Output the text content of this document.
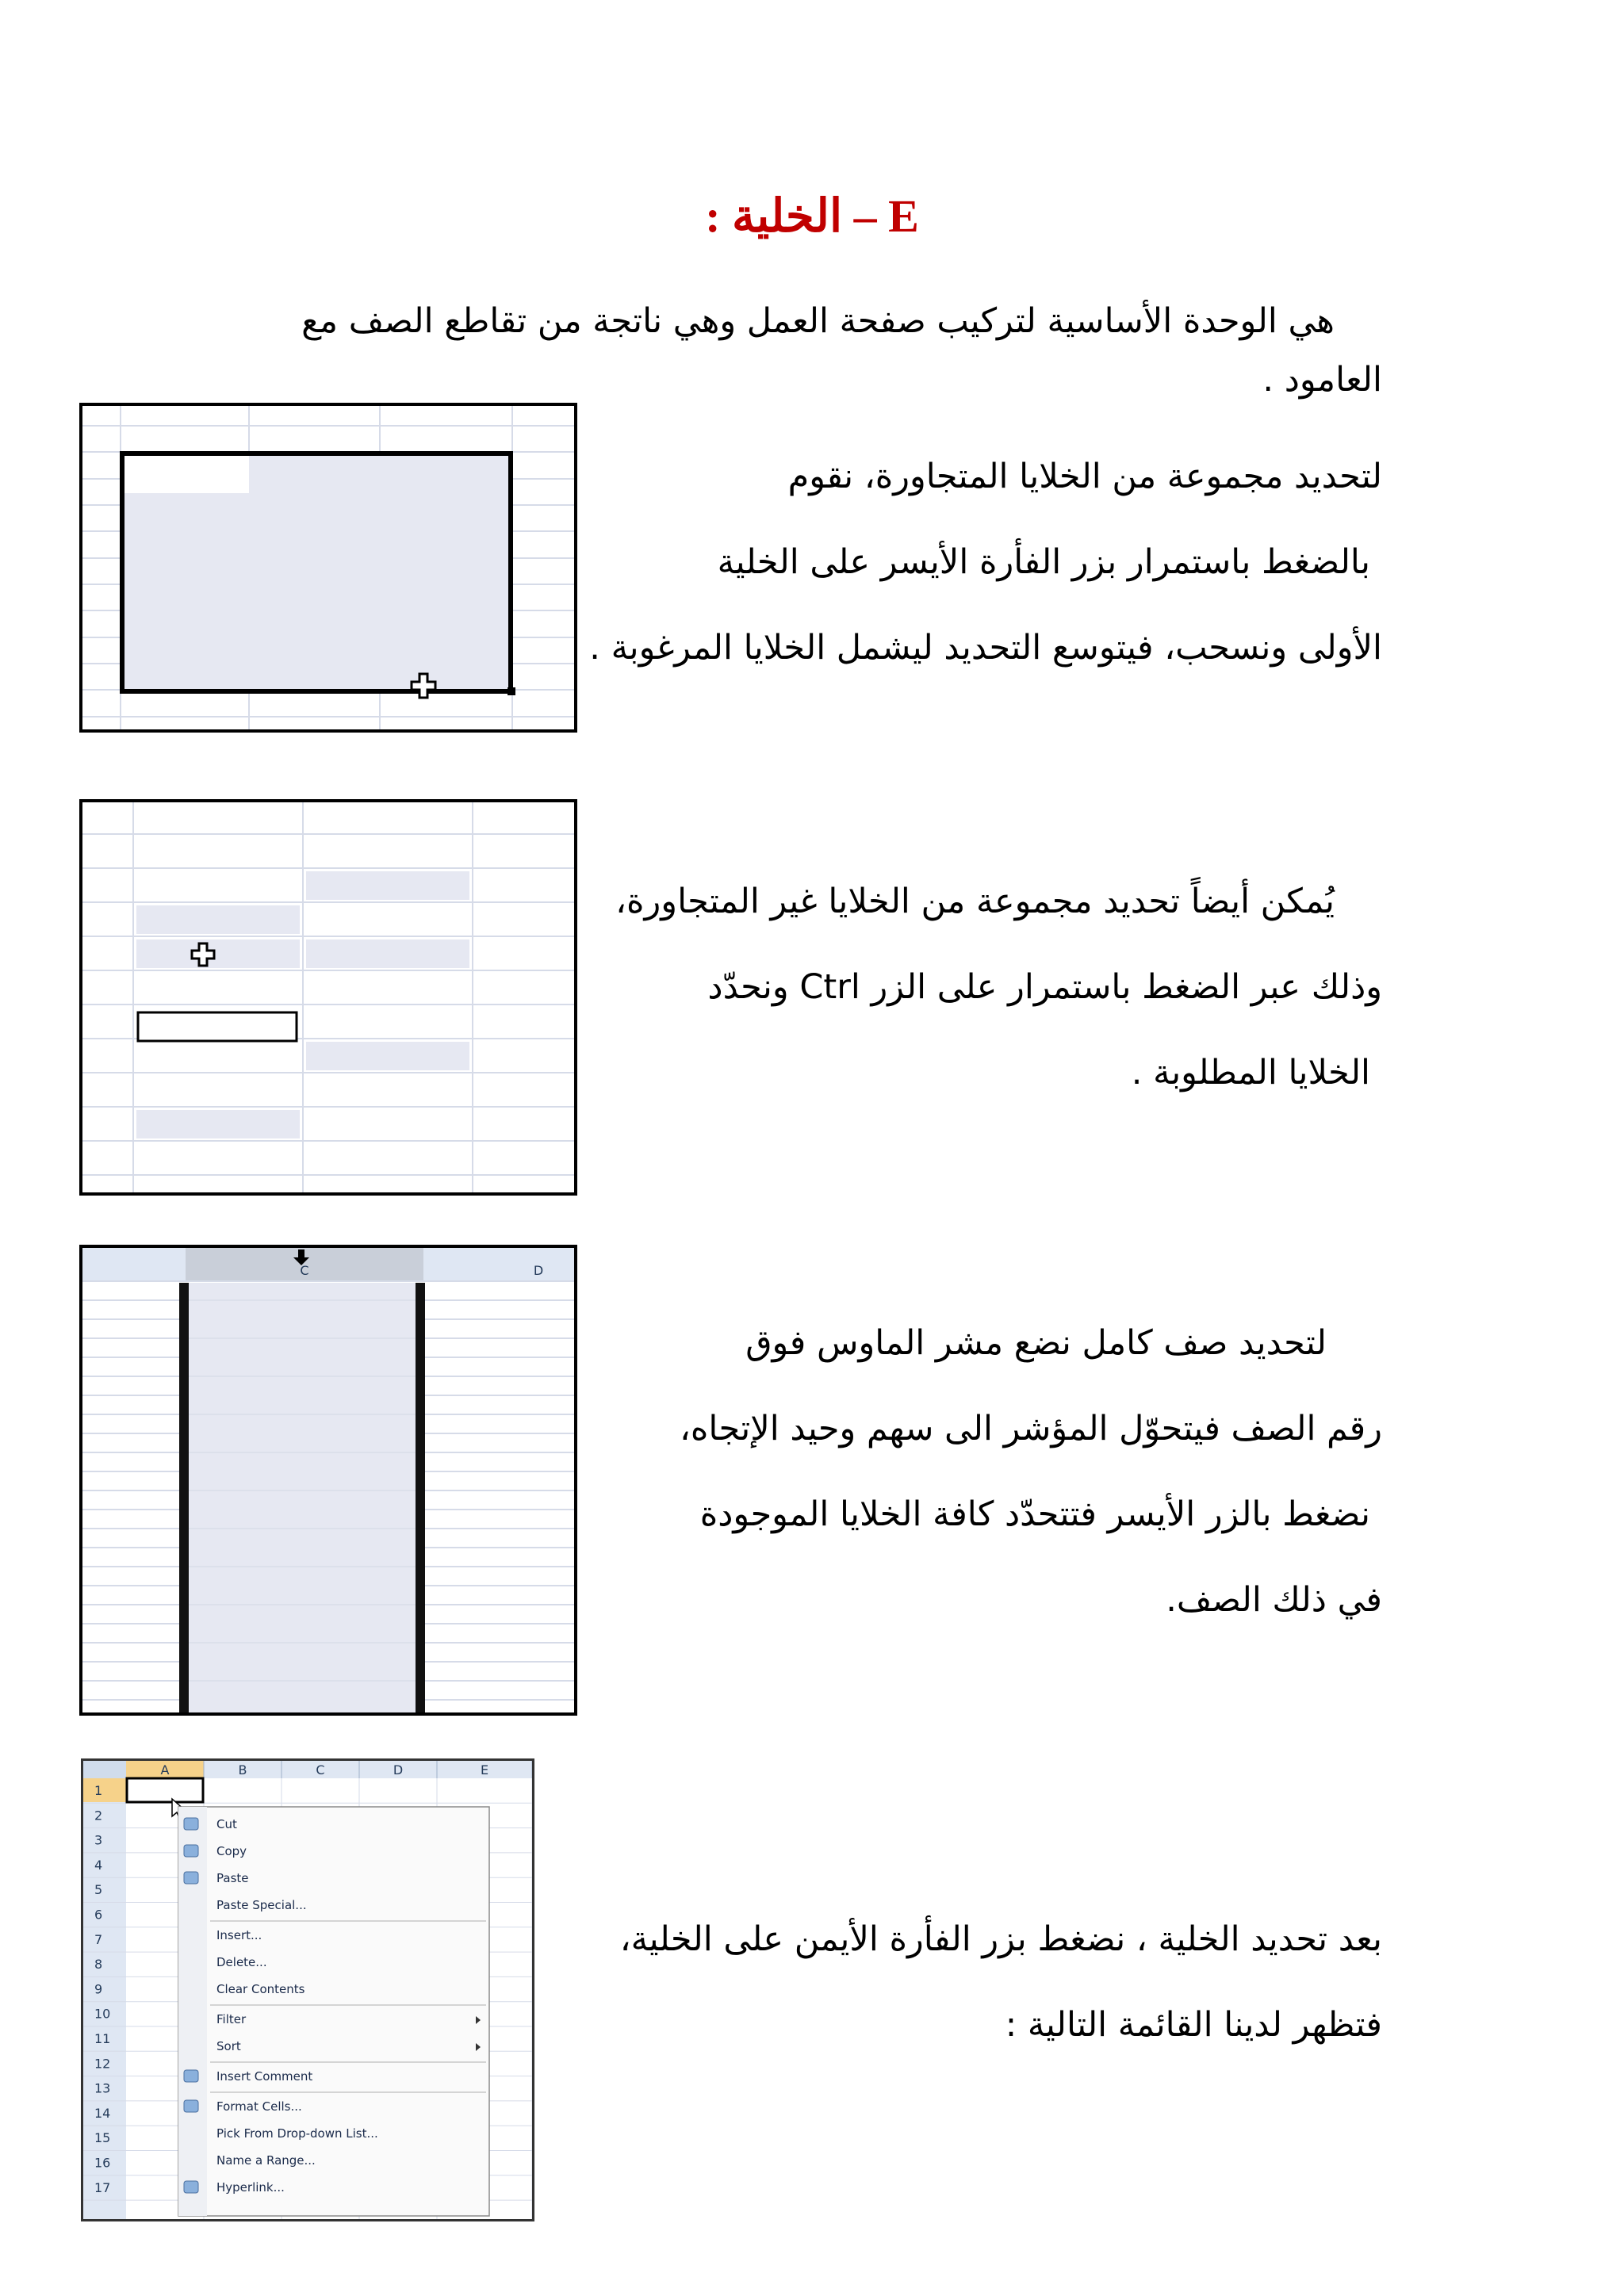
E – الخلية :
هي الوحدة الأساسية لتركيب صفحة العمل وهي ناتجة من تقاطع الصف مع
العامود .
لتحديد مجموعة من الخلايا المتجاورة، نقوم
بالضغط باستمرار بزر الفأرة الأيسر على الخلية
الأولى ونسحب، فيتوسع التحديد ليشمل الخلايا المرغوبة .
يُمكن أيضاً تحديد مجموعة من الخلايا غير المتجاورة،
وذلك عبر الضغط باستمرار على الزر Ctrl ونحدّد
الخلايا المطلوبة .
لتحديد صف كامل نضع مشر الماوس فوق
رقم الصف فيتحوّل المؤشر الى سهم وحيد الإتجاه،
نضغط بالزر الأيسر فتتحدّد كافة الخلايا الموجودة
في ذلك الصف.
C	D
بعد تحديد الخلية ، نضغط بزر الفأرة الأيمن على الخلية،
فتظهر لدينا القائمة التالية :
A	B	C	D	E
1
2
3
4
5
6
7
8
9
10
11
12
13
14
15
16
17
Cut
Copy
Paste
Paste Special...
Insert...
Delete...
Clear Contents
Filter
Sort
Insert Comment
Format Cells...
Pick From Drop-down List...
Name a Range...
Hyperlink...
